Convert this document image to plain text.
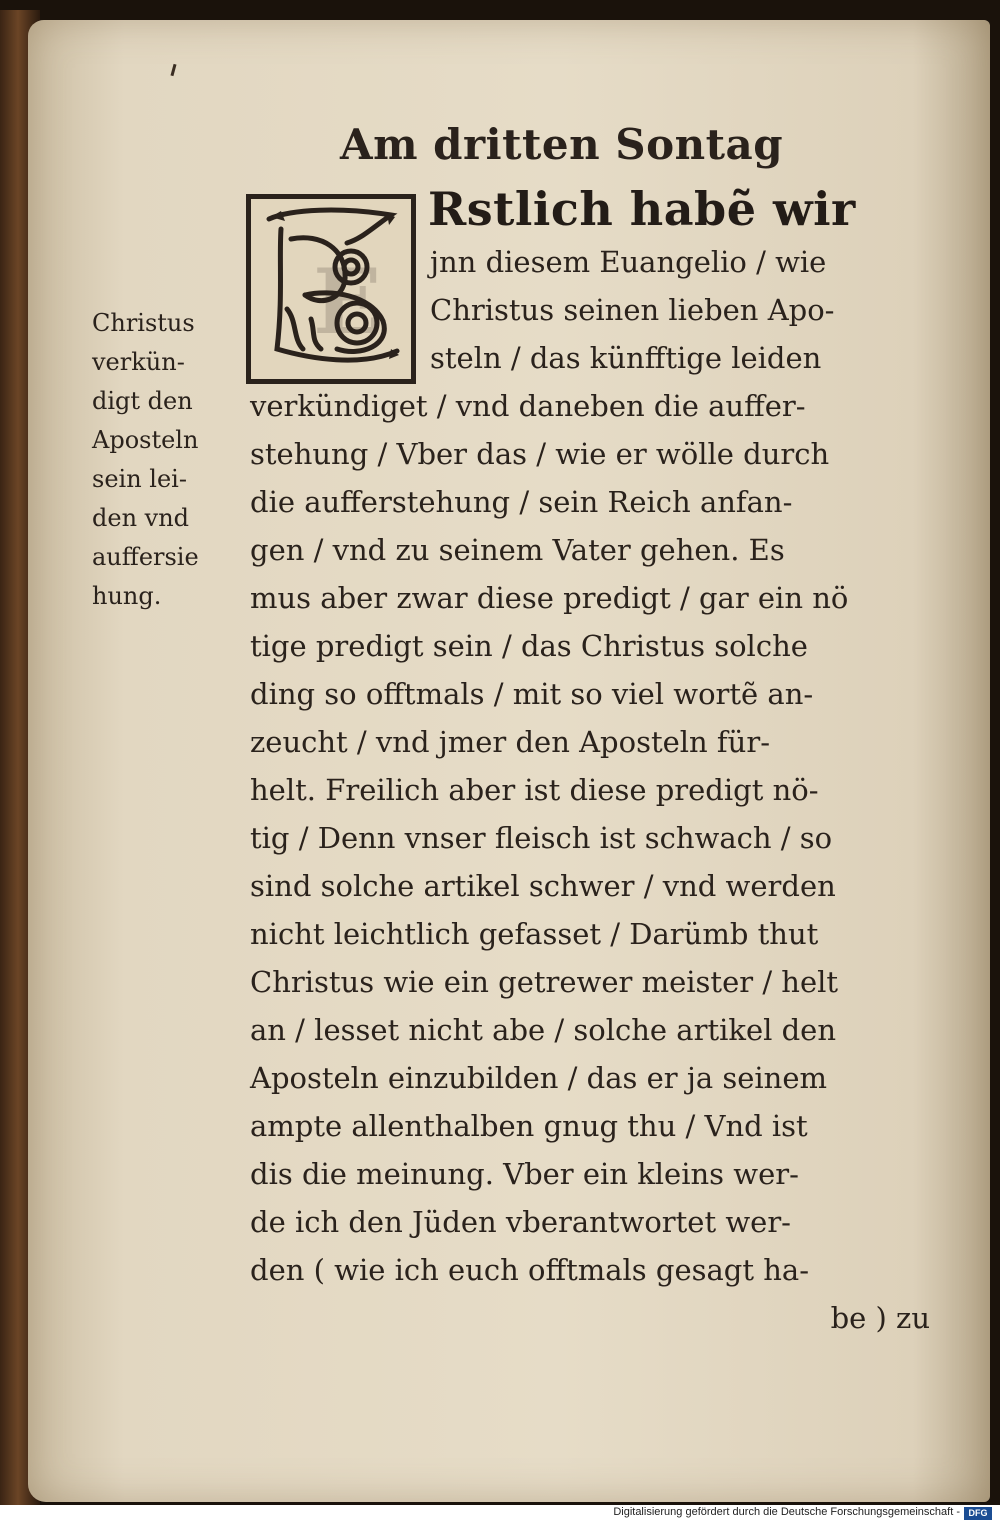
Am dritten Sontag
E
Rstlich habẽ wir
jnn diesem Euangelio / wie
Christus seinen lieben Apo-
steln / das künfftige leiden
verkündiget / vnd daneben die auffer-
stehung / Vber das / wie er wölle durch
die aufferstehung / sein Reich anfan-
gen / vnd zu seinem Vater gehen. Es
mus aber zwar diese predigt / gar ein nö
tige predigt sein / das Christus solche
ding so offtmals / mit so viel wortẽ an-
zeucht / vnd jmer den Aposteln für-
helt. Freilich aber ist diese predigt nö-
tig / Denn vnser fleisch ist schwach / so
sind solche artikel schwer / vnd werden
nicht leichtlich gefasset / Darümb thut
Christus wie ein getrewer meister / helt
an / lesset nicht abe / solche artikel den
Aposteln einzubilden / das er ja seinem
ampte allenthalben gnug thu / Vnd ist
dis die meinung. Vber ein kleins wer-
de ich den Jüden vberantwortet wer-
den ( wie ich euch offtmals gesagt ha-
be ) zu
Christus
verkün-
digt den
Aposteln
sein lei-
den vnd
auffersie
hung.
Digitalisierung gefördert durch die Deutsche Forschungsgemeinschaft - DFG
